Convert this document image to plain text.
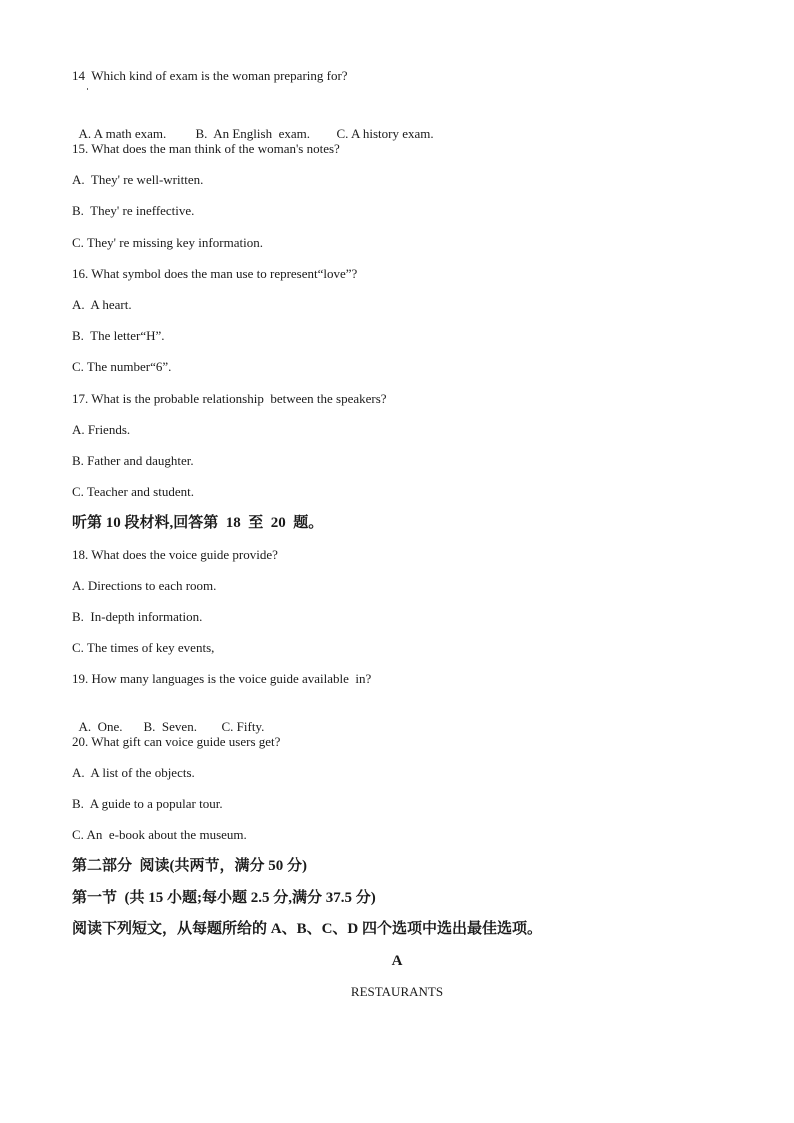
14  Which kind of exam is the woman preparing for?

A. A math exam. B.  An English  exam. C. A history exam.

15. What does the man think of the woman's notes?
A.  They' re well-written.
B.  They' re ineffective.
C. They' re missing key information.
16. What symbol does the man use to represent“love”?
A.  A heart.
B.  The letter“H”.
C. The number“6”.
17. What is the probable relationship  between the speakers?
A. Friends.
B. Father and daughter.
C. Teacher and student.
听第 10 段材料,回答第  18  至  20  题。
18. What does the voice guide provide?
A. Directions to each room.
B.  In-depth information.
C. The times of key events,
19. How many languages is the voice guide available  in?

A.  One. B.  Seven. C. Fifty.

20. What gift can voice guide users get?
A.  A list of the objects.
B.  A guide to a popular tour.
C. An  e-book about the museum.
第二部分  阅读(共两节，满分 50 分)
第一节  (共 15 小题;每小题 2.5 分,满分 37.5 分)
阅读下列短文，从每题所给的 A、B、C、D 四个选项中选出最佳选项。
A
RESTAURANTS
